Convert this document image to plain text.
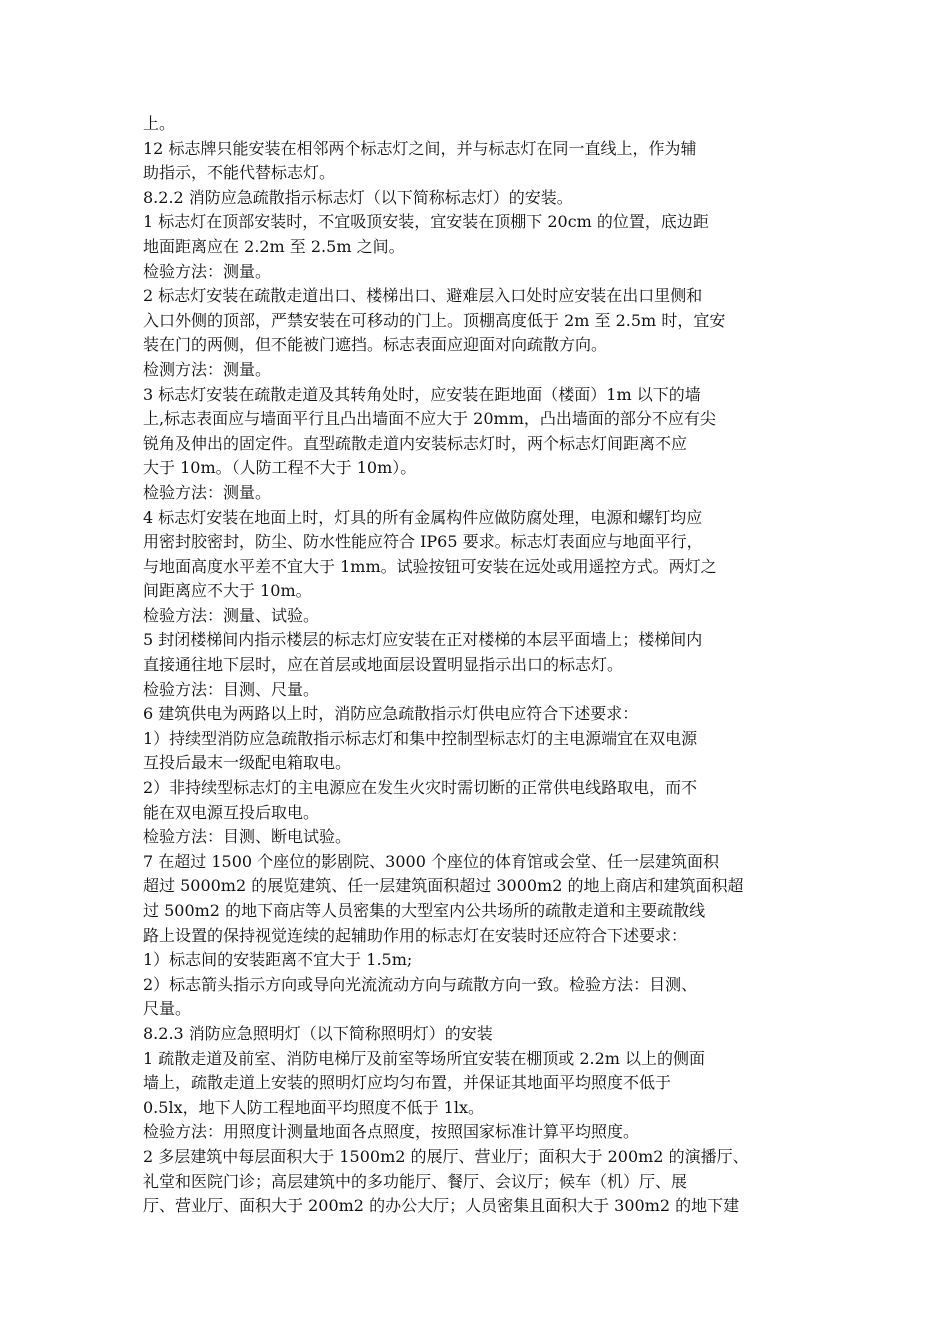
上。
12 标志牌只能安装在相邻两个标志灯之间，并与标志灯在同一直线上，作为辅
助指示，不能代替标志灯。
8.2.2 消防应急疏散指示标志灯（以下简称标志灯）的安装。
1 标志灯在顶部安装时，不宜吸顶安装，宜安装在顶棚下 20cm 的位置，底边距
地面距离应在 2.2m 至 2.5m 之间。
检验方法：测量。
2 标志灯安装在疏散走道出口、楼梯出口、避难层入口处时应安装在出口里侧和
入口外侧的顶部，严禁安装在可移动的门上。顶棚高度低于 2m 至 2.5m 时，宜安
装在门的两侧，但不能被门遮挡。标志表面应迎面对向疏散方向。
检测方法：测量。
3 标志灯安装在疏散走道及其转角处时，应安装在距地面（楼面）1m 以下的墙
上,标志表面应与墙面平行且凸出墙面不应大于 20mm，凸出墙面的部分不应有尖
锐角及伸出的固定件。直型疏散走道内安装标志灯时，两个标志灯间距离不应
大于 10m。（人防工程不大于 10m）。
检验方法：测量。
4 标志灯安装在地面上时，灯具的所有金属构件应做防腐处理，电源和螺钉均应
用密封胶密封，防尘、防水性能应符合 IP65 要求。标志灯表面应与地面平行，
与地面高度水平差不宜大于 1mm。试验按钮可安装在远处或用遥控方式。两灯之
间距离应不大于 10m。
检验方法：测量、试验。
5 封闭楼梯间内指示楼层的标志灯应安装在正对楼梯的本层平面墙上；楼梯间内
直接通往地下层时，应在首层或地面层设置明显指示出口的标志灯。
检验方法：目测、尺量。
6 建筑供电为两路以上时，消防应急疏散指示灯供电应符合下述要求：
1）持续型消防应急疏散指示标志灯和集中控制型标志灯的主电源端宜在双电源
互投后最末一级配电箱取电。
2）非持续型标志灯的主电源应在发生火灾时需切断的正常供电线路取电，而不
能在双电源互投后取电。
检验方法：目测、断电试验。
7 在超过 1500 个座位的影剧院、3000 个座位的体育馆或会堂、任一层建筑面积
超过 5000m2 的展览建筑、任一层建筑面积超过 3000m2 的地上商店和建筑面积超
过 500m2 的地下商店等人员密集的大型室内公共场所的疏散走道和主要疏散线
路上设置的保持视觉连续的起辅助作用的标志灯在安装时还应符合下述要求：
1）标志间的安装距离不宜大于 1.5m;
2）标志箭头指示方向或导向光流流动方向与疏散方向一致。检验方法：目测、
尺量。
8.2.3 消防应急照明灯（以下简称照明灯）的安装
1 疏散走道及前室、消防电梯厅及前室等场所宜安装在棚顶或 2.2m 以上的侧面
墙上，疏散走道上安装的照明灯应均匀布置，并保证其地面平均照度不低于
0.5lx，地下人防工程地面平均照度不低于 1lx。
检验方法：用照度计测量地面各点照度，按照国家标准计算平均照度。
2 多层建筑中每层面积大于 1500m2 的展厅、营业厅；面积大于 200m2 的演播厅、
礼堂和医院门诊；高层建筑中的多功能厅、餐厅、会议厅；候车（机）厅、展
厅、营业厅、面积大于 200m2 的办公大厅；人员密集且面积大于 300m2 的地下建
